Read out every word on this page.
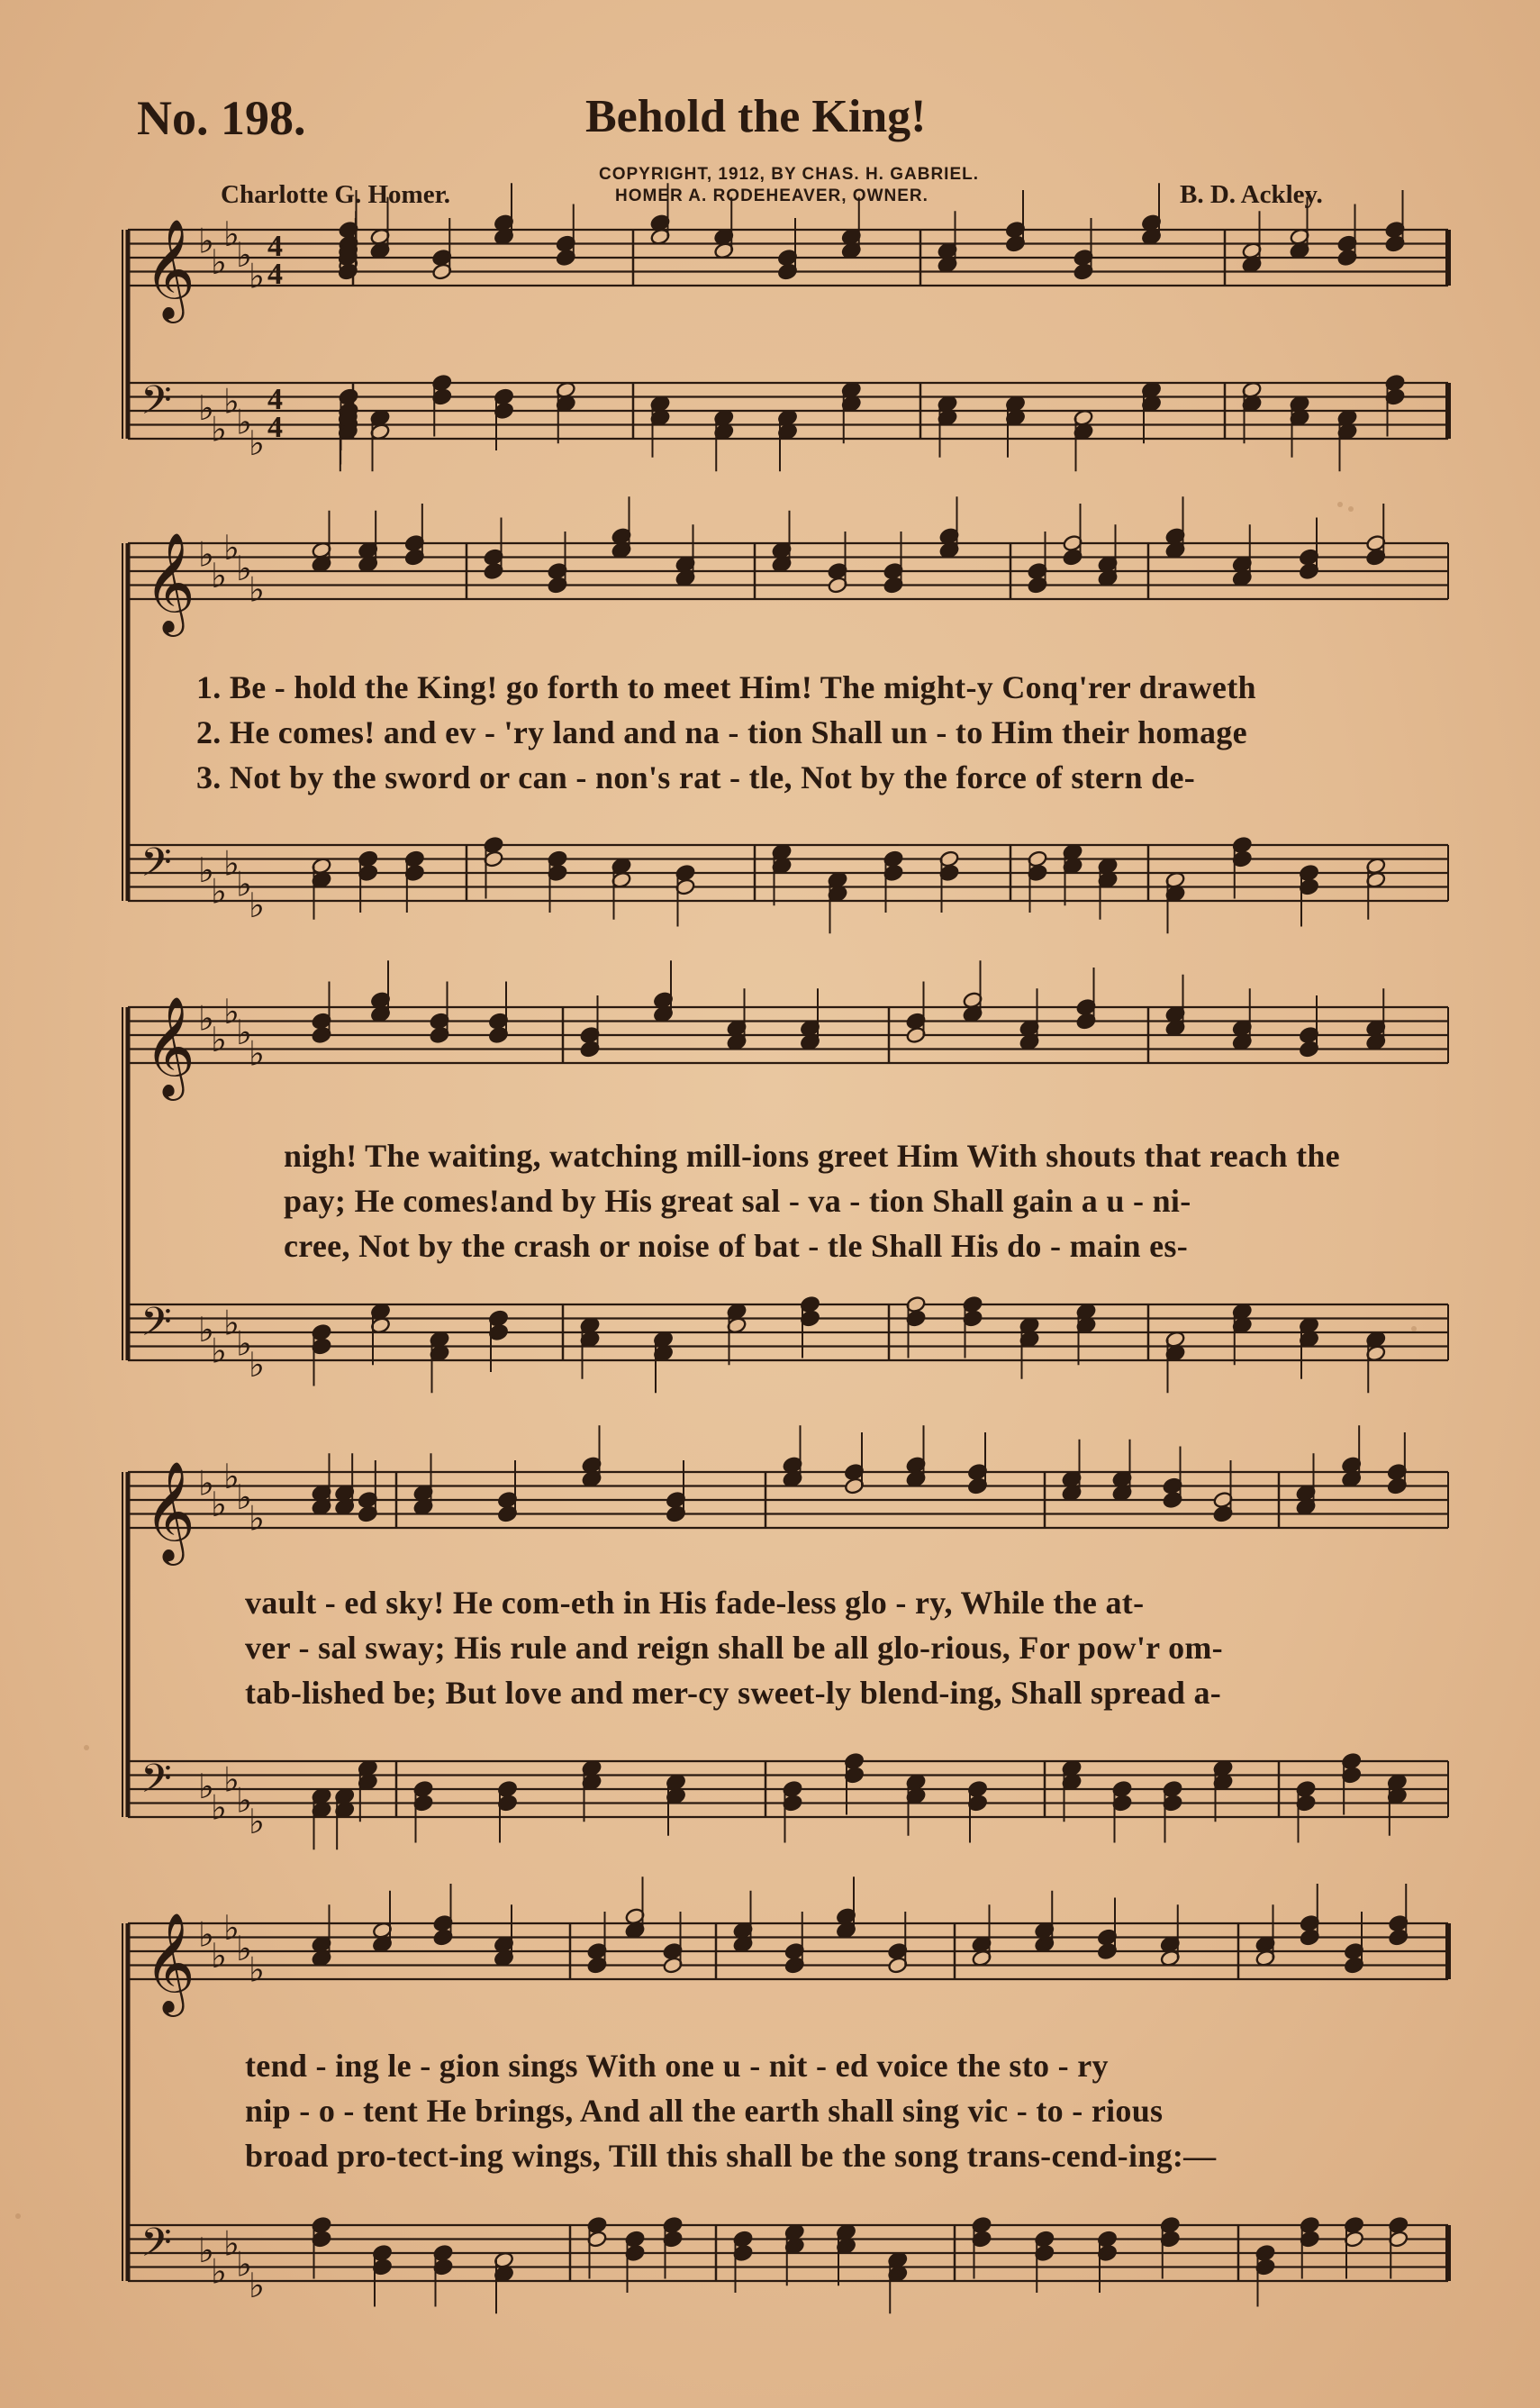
No. 198.	Behold the King!
COPYRIGHT, 1912, BY CHAS. H. GABRIEL.
HOMER A. RODEHEAVER, OWNER.
Charlotte G. Homer.	B. D. Ackley.
𝄞 ♭
♭
♭
♭
♭
4
4
𝄢 ♭
♭
♭
♭
♭
4
4
𝄞 ♭
♭
♭
♭
♭
𝄢 ♭
♭
♭
♭
♭
𝄞 ♭
♭
♭
♭
♭
𝄢 ♭
♭
♭
♭
♭
𝄞 ♭
♭
♭
♭
♭
𝄢 ♭
♭
♭
♭
♭
𝄞 ♭
♭
♭
♭
♭
𝄢 ♭
♭
♭
♭
♭
1. Be - hold the King! go forth to meet Him! The might-y Conq'rer draweth
2. He comes! and ev - 'ry land and na - tion Shall un - to Him their homage
3. Not by the sword or can - non's rat - tle, Not by the force of stern de-
nigh! The waiting, watching mill-ions greet Him With shouts that reach the
pay; He comes!and by His great sal - va - tion Shall gain a u - ni-
cree, Not by the crash or noise of bat - tle Shall His do - main es-
vault - ed sky! He com-eth in His fade-less glo - ry, While the at-
ver - sal sway; His rule and reign shall be all glo-rious, For pow'r om-
tab-lished be; But love and mer-cy sweet-ly blend-ing, Shall spread a-
tend - ing le - gion sings With one u - nit - ed voice the sto - ry
nip - o - tent He brings, And all the earth shall sing vic - to - rious
broad pro-tect-ing wings, Till this shall be the song trans-cend-ing:—
